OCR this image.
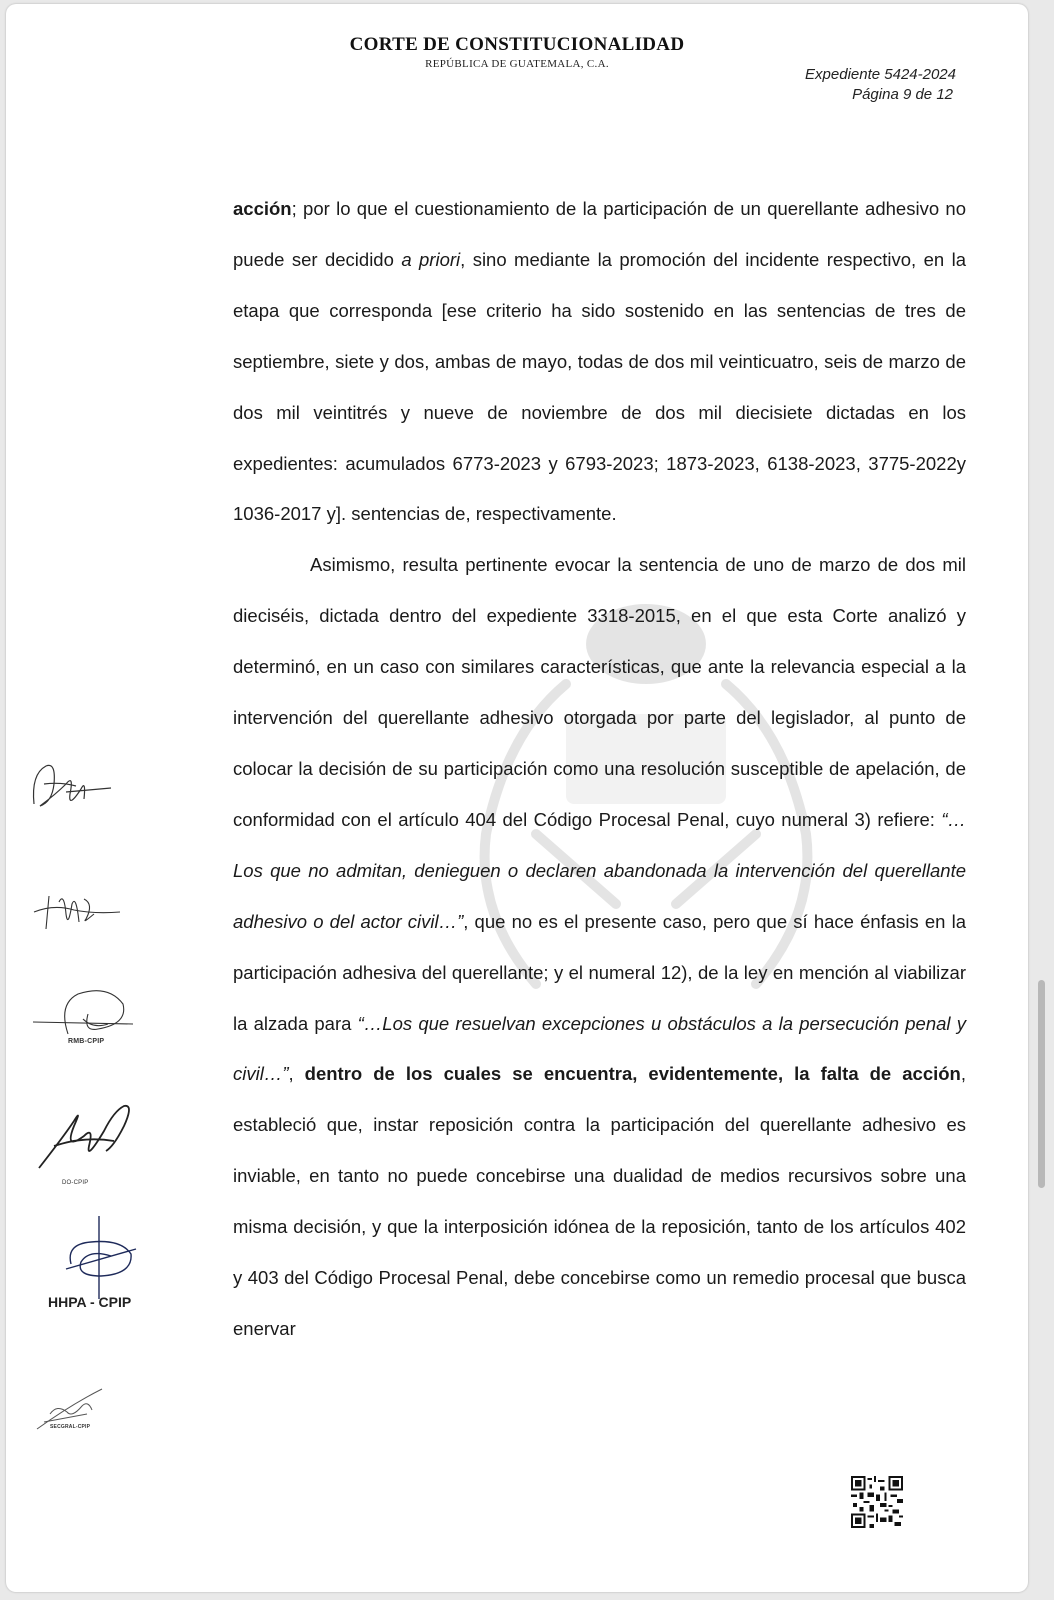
CORTE DE CONSTITUCIONALIDAD
REPÚBLICA DE GUATEMALA, C.A.
Expediente 5424-2024
Página 9 de 12

acción; por lo que el cuestionamiento de la participación de un querellante adhesivo no puede ser decidido a priori, sino mediante la promoción del incidente respectivo, en la etapa que corresponda [ese criterio ha sido sostenido en las sentencias de tres de septiembre, siete y dos, ambas de mayo, todas de dos mil veinticuatro, seis de marzo de dos mil veintitrés y nueve de noviembre de dos mil diecisiete dictadas en los expedientes: acumulados 6773-2023 y 6793-2023; 1873-2023, 6138-2023, 3775-2022y 1036-2017 y]. sentencias de, respectivamente.

Asimismo, resulta pertinente evocar la sentencia de uno de marzo de dos mil dieciséis, dictada dentro del expediente 3318-2015, en el que esta Corte analizó y determinó, en un caso con similares características, que ante la relevancia especial a la intervención del querellante adhesivo otorgada por parte del legislador, al punto de colocar la decisión de su participación como una resolución susceptible de apelación, de conformidad con el artículo 404 del Código Procesal Penal, cuyo numeral 3) refiere: “…Los que no admitan, denieguen o declaren abandonada la intervención del querellante adhesivo o del actor civil…”, que no es el presente caso, pero que sí hace énfasis en la participación adhesiva del querellante; y el numeral 12), de la ley en mención al viabilizar la alzada para “…Los que resuelvan excepciones u obstáculos a la persecución penal y civil…”, dentro de los cuales se encuentra, evidentemente, la falta de acción, estableció que, instar reposición contra la participación del querellante adhesivo es inviable, en tanto no puede concebirse una dualidad de medios recursivos sobre una misma decisión, y que la interposición idónea de la reposición, tanto de los artículos 402 y 403 del Código Procesal Penal, debe concebirse como un remedio procesal que busca enervar

RMB-CPIP
DO-CPIP
HHPA - CPIP
SECGRAL-CPIP
